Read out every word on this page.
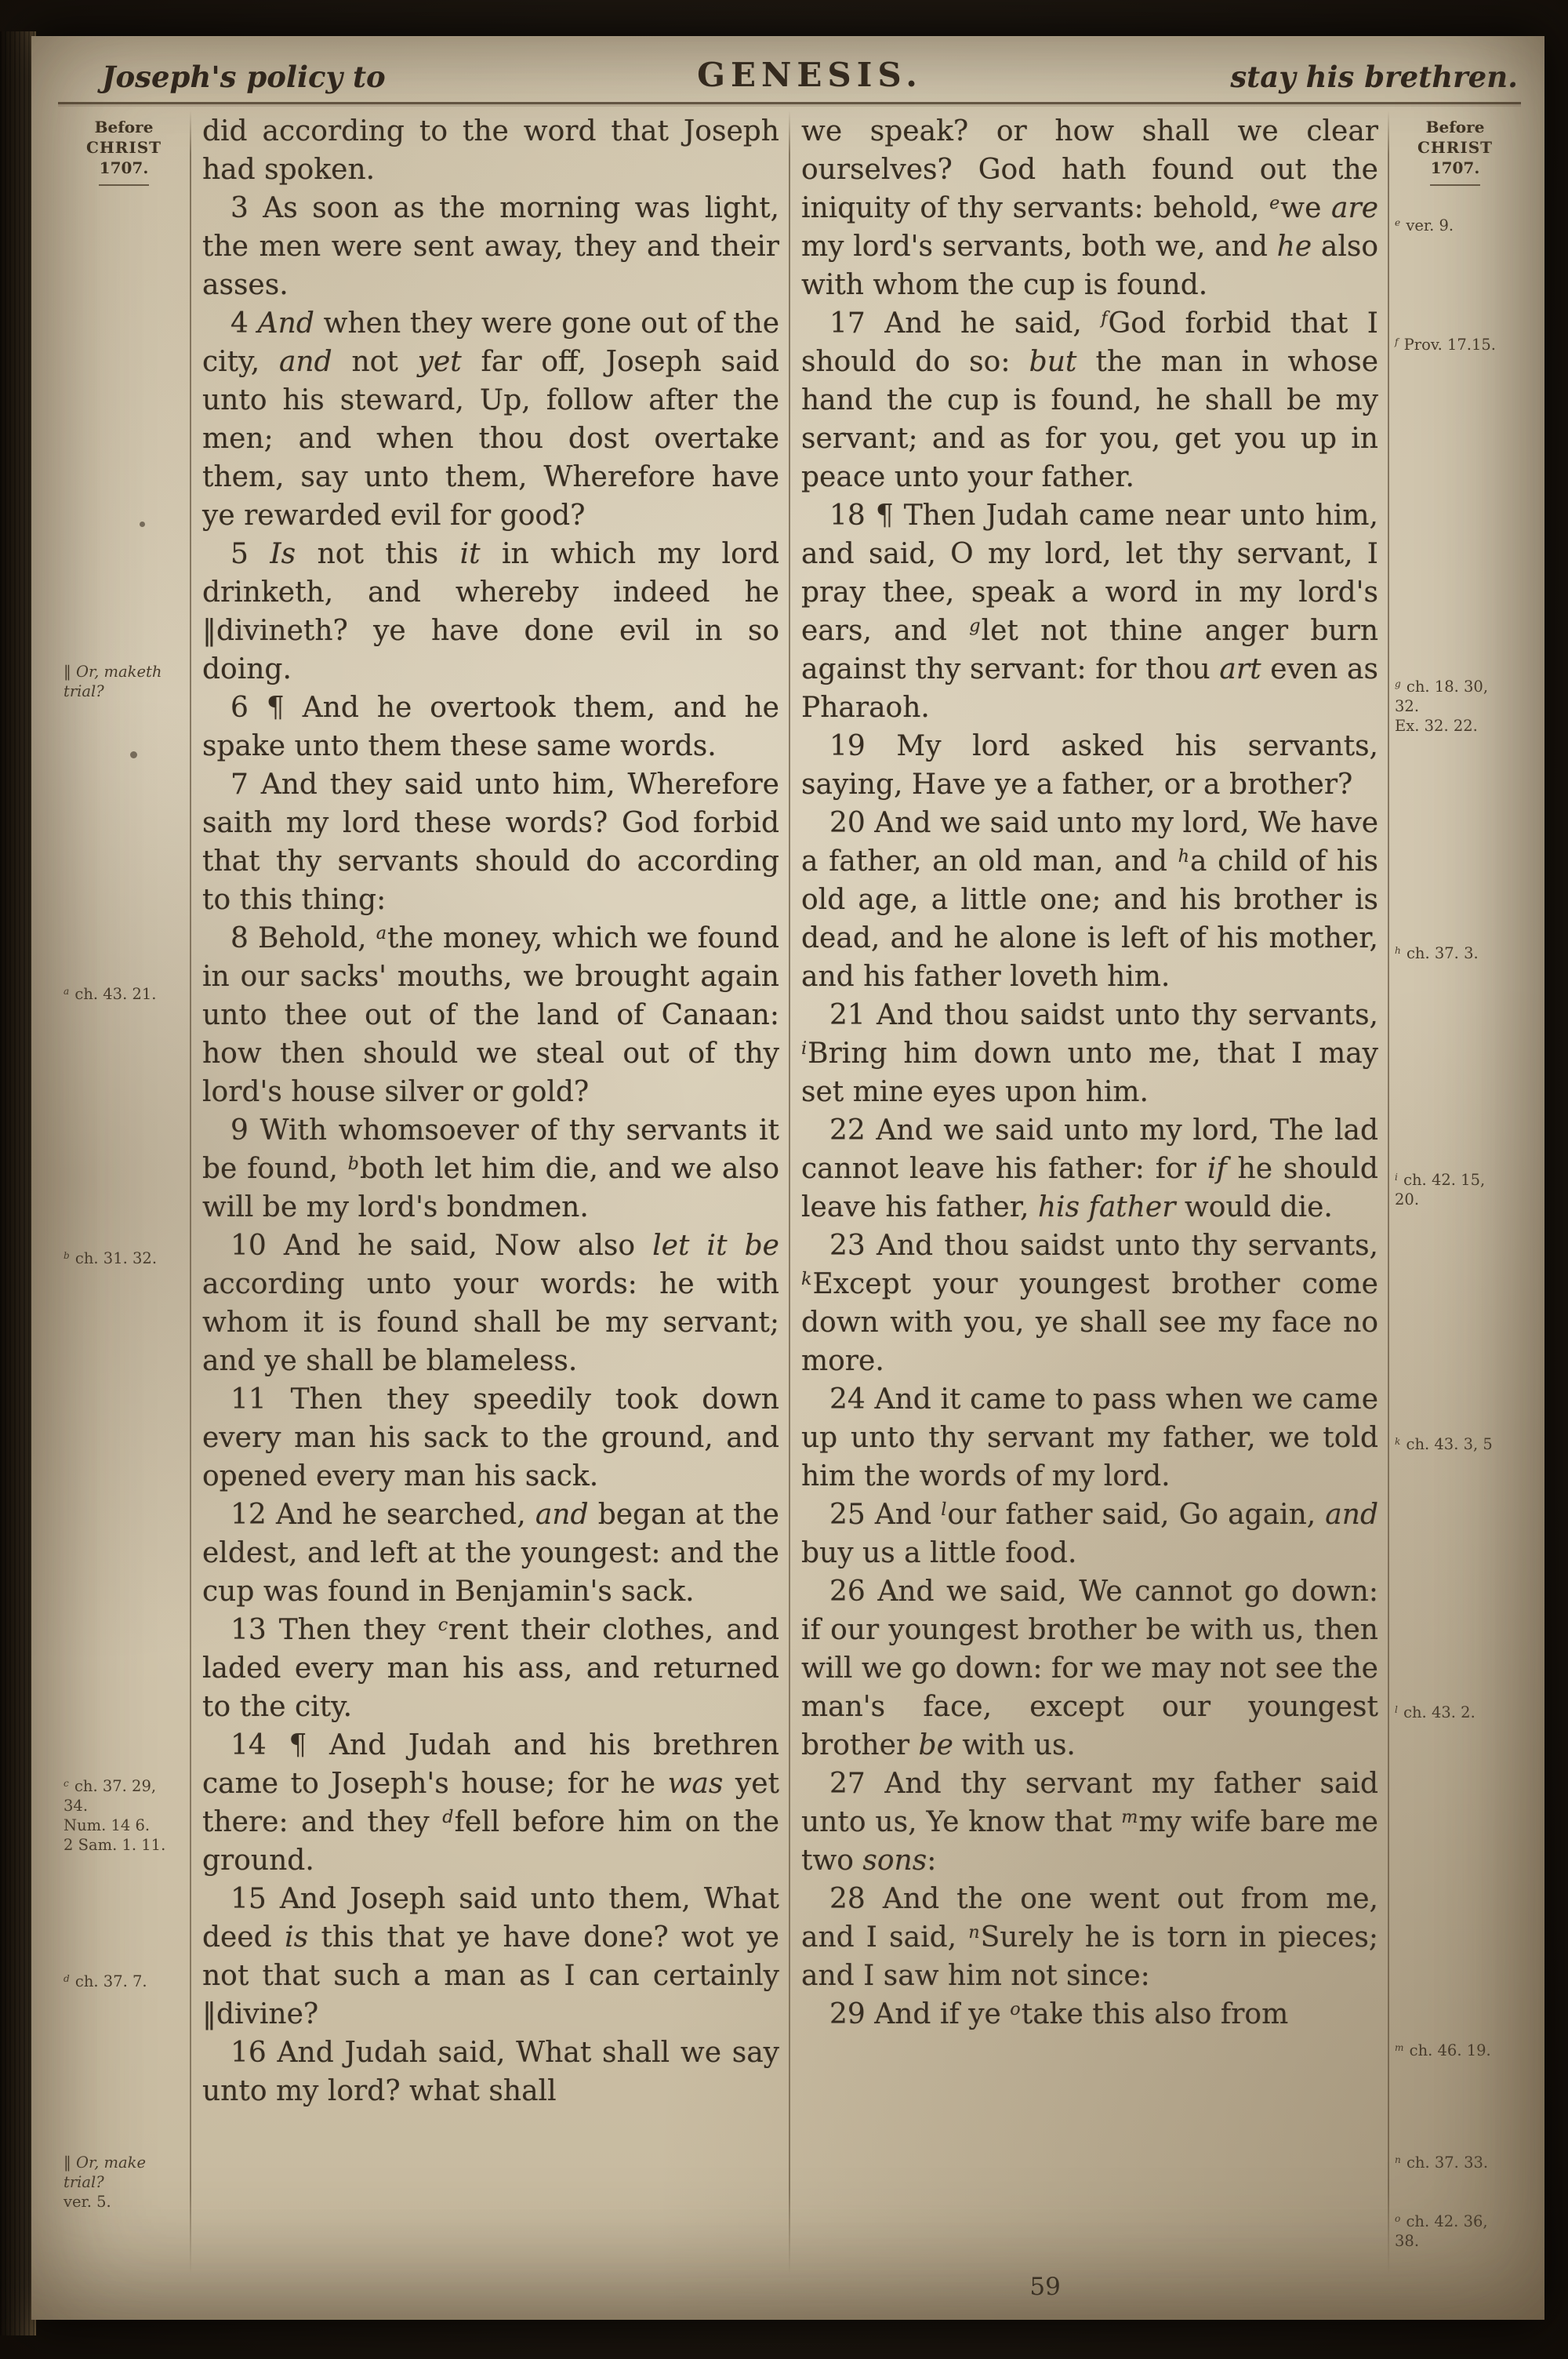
Joseph's policy to	GENESIS.	stay his brethren.
Before
CHRIST
1707.
‖ Or, maketh
trial?
$^a$ ch. 43. 21.
$^b$ ch. 31. 32.
$^c$ ch. 37. 29,
34.
Num. 14 6.
2 Sam. 1. 11.
$^d$ ch. 37. 7.
‖ Or, make
trial?
ver. 5.

did according to the word that Joseph had spoken.

3 As soon as the morning was light, the men were sent away, they and their asses.

4 And when they were gone out of the city, and not yet far off, Joseph said unto his steward, Up, follow after the men; and when thou dost overtake them, say unto them, Wherefore have ye rewarded evil for good?

5 Is not this it in which my lord drinketh, and whereby indeed he ‖divineth? ye have done evil in so doing.

6 ¶ And he overtook them, and he spake unto them these same words.

7 And they said unto him, Wherefore saith my lord these words? God forbid that thy servants should do according to this thing:

8 Behold, $^a$the money, which we found in our sacks' mouths, we brought again unto thee out of the land of Canaan: how then should we steal out of thy lord's house silver or gold?

9 With whomsoever of thy servants it be found, $^b$both let him die, and we also will be my lord's bondmen.

10 And he said, Now also let it be according unto your words: he with whom it is found shall be my servant; and ye shall be blameless.

11 Then they speedily took down every man his sack to the ground, and opened every man his sack.

12 And he searched, and began at the eldest, and left at the youngest: and the cup was found in Benjamin's sack.

13 Then they $^c$rent their clothes, and laded every man his ass, and returned to the city.

14 ¶ And Judah and his brethren came to Joseph's house; for he was yet there: and they $^d$fell before him on the ground.

15 And Joseph said unto them, What deed is this that ye have done? wot ye not that such a man as I can certainly ‖divine?

16 And Judah said, What shall we say unto my lord? what shall

we speak? or how shall we clear ourselves? God hath found out the iniquity of thy servants: behold, $^e$we are my lord's servants, both we, and he also with whom the cup is found.

17 And he said, $^f$God forbid that I should do so: but the man in whose hand the cup is found, he shall be my servant; and as for you, get you up in peace unto your father.

18 ¶ Then Judah came near unto him, and said, O my lord, let thy servant, I pray thee, speak a word in my lord's ears, and $^g$let not thine anger burn against thy servant: for thou art even as Pharaoh.

19 My lord asked his servants, saying, Have ye a father, or a brother?

20 And we said unto my lord, We have a father, an old man, and $^h$a child of his old age, a little one; and his brother is dead, and he alone is left of his mother, and his father loveth him.

21 And thou saidst unto thy servants, $^i$Bring him down unto me, that I may set mine eyes upon him.

22 And we said unto my lord, The lad cannot leave his father: for if he should leave his father, his father would die.

23 And thou saidst unto thy servants, $^k$Except your youngest brother come down with you, ye shall see my face no more.

24 And it came to pass when we came up unto thy servant my father, we told him the words of my lord.

25 And $^l$our father said, Go again, and buy us a little food.

26 And we said, We cannot go down: if our youngest brother be with us, then will we go down: for we may not see the man's face, except our youngest brother be with us.

27 And thy servant my father said unto us, Ye know that $^m$my wife bare me two sons:

28 And the one went out from me, and I said, $^n$Surely he is torn in pieces; and I saw him not since:

29 And if ye $^o$take this also from

Before
CHRIST
1707.
$^e$ ver. 9.
$^f$ Prov. 17.15.
$^g$ ch. 18. 30,
32.
Ex. 32. 22.
$^h$ ch. 37. 3.
$^i$ ch. 42. 15,
20.
$^k$ ch. 43. 3, 5
$^l$ ch. 43. 2.
$^m$ ch. 46. 19.
$^n$ ch. 37. 33.
$^o$ ch. 42. 36,
38.
59
